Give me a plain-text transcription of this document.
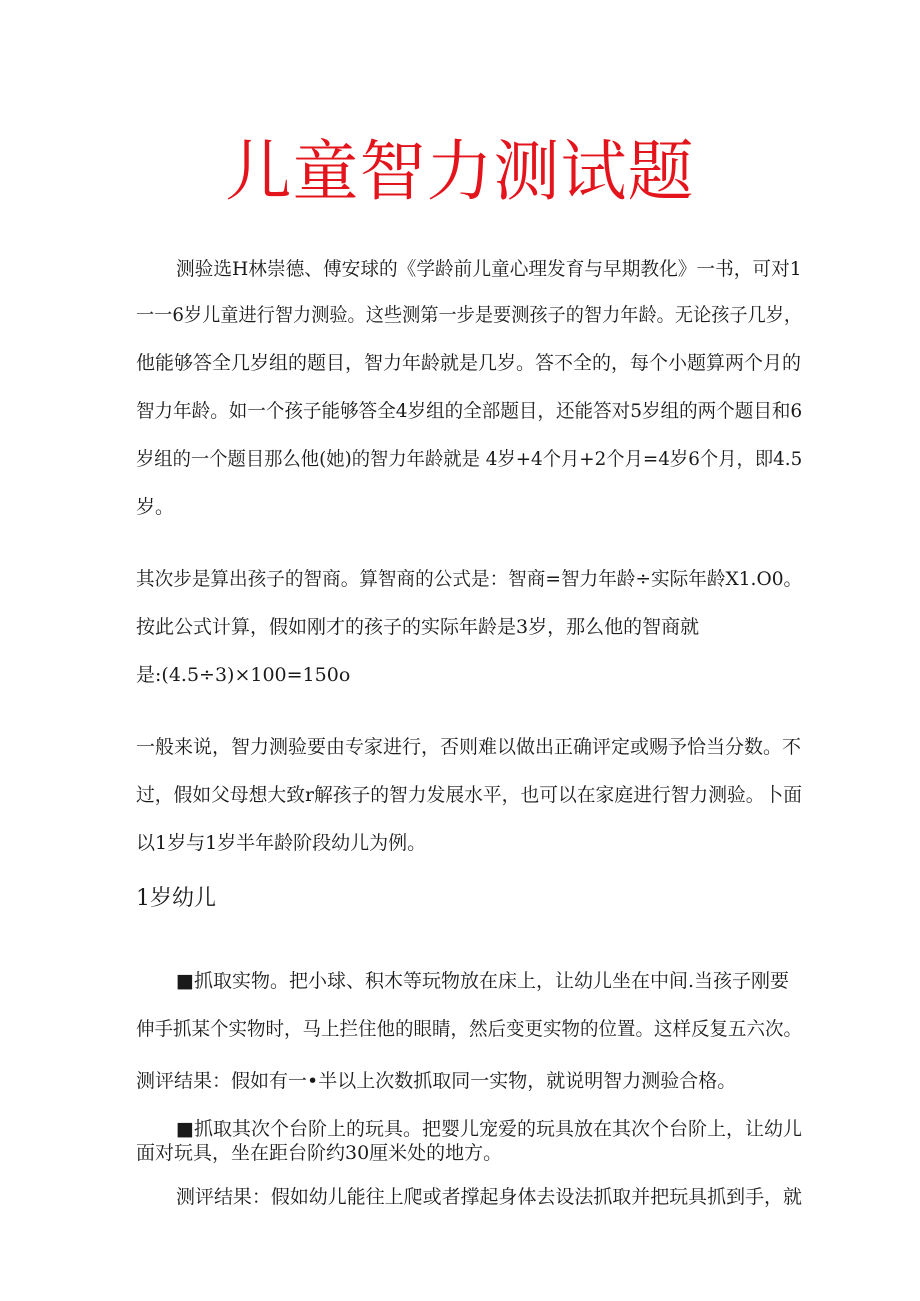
儿童智力测试题
测验选H林崇德、傅安球的《学龄前儿童心理发育与早期教化》一书，可对1
一一6岁儿童进行智力测验。这些测第一步是要测孩子的智力年龄。无论孩子几岁，
他能够答全几岁组的题目，智力年龄就是几岁。答不全的，每个小题算两个月的
智力年龄。如一个孩子能够答全4岁组的全部题目，还能答对5岁组的两个题目和6
岁组的一个题目那么他(她)的智力年龄就是 4岁+4个月+2个月=4岁6个月，即4.5
岁。
其次步是算出孩子的智商。算智商的公式是：智商=智力年龄÷实际年龄X1.O0。
按此公式计算，假如刚才的孩子的实际年龄是3岁，那么他的智商就
是:(4.5÷3)×100=150o
一般来说，智力测验要由专家进行，否则难以做出正确评定或赐予恰当分数。不
过，假如父母想大致r解孩子的智力发展水平，也可以在家庭进行智力测验。卜面
以1岁与1岁半年龄阶段幼儿为例。
1岁幼儿
■抓取实物。把小球、积木等玩物放在床上，让幼儿坐在中间.当孩子刚要
伸手抓某个实物时，马上拦住他的眼睛，然后变更实物的位置。这样反复五六次。
测评结果：假如有一•半以上次数抓取同一实物，就说明智力测验合格。
■抓取其次个台阶上的玩具。把婴儿宠爱的玩具放在其次个台阶上，让幼儿
面对玩具，坐在距台阶约30厘米处的地方。
测评结果：假如幼儿能往上爬或者撑起身体去设法抓取并把玩具抓到手，就
